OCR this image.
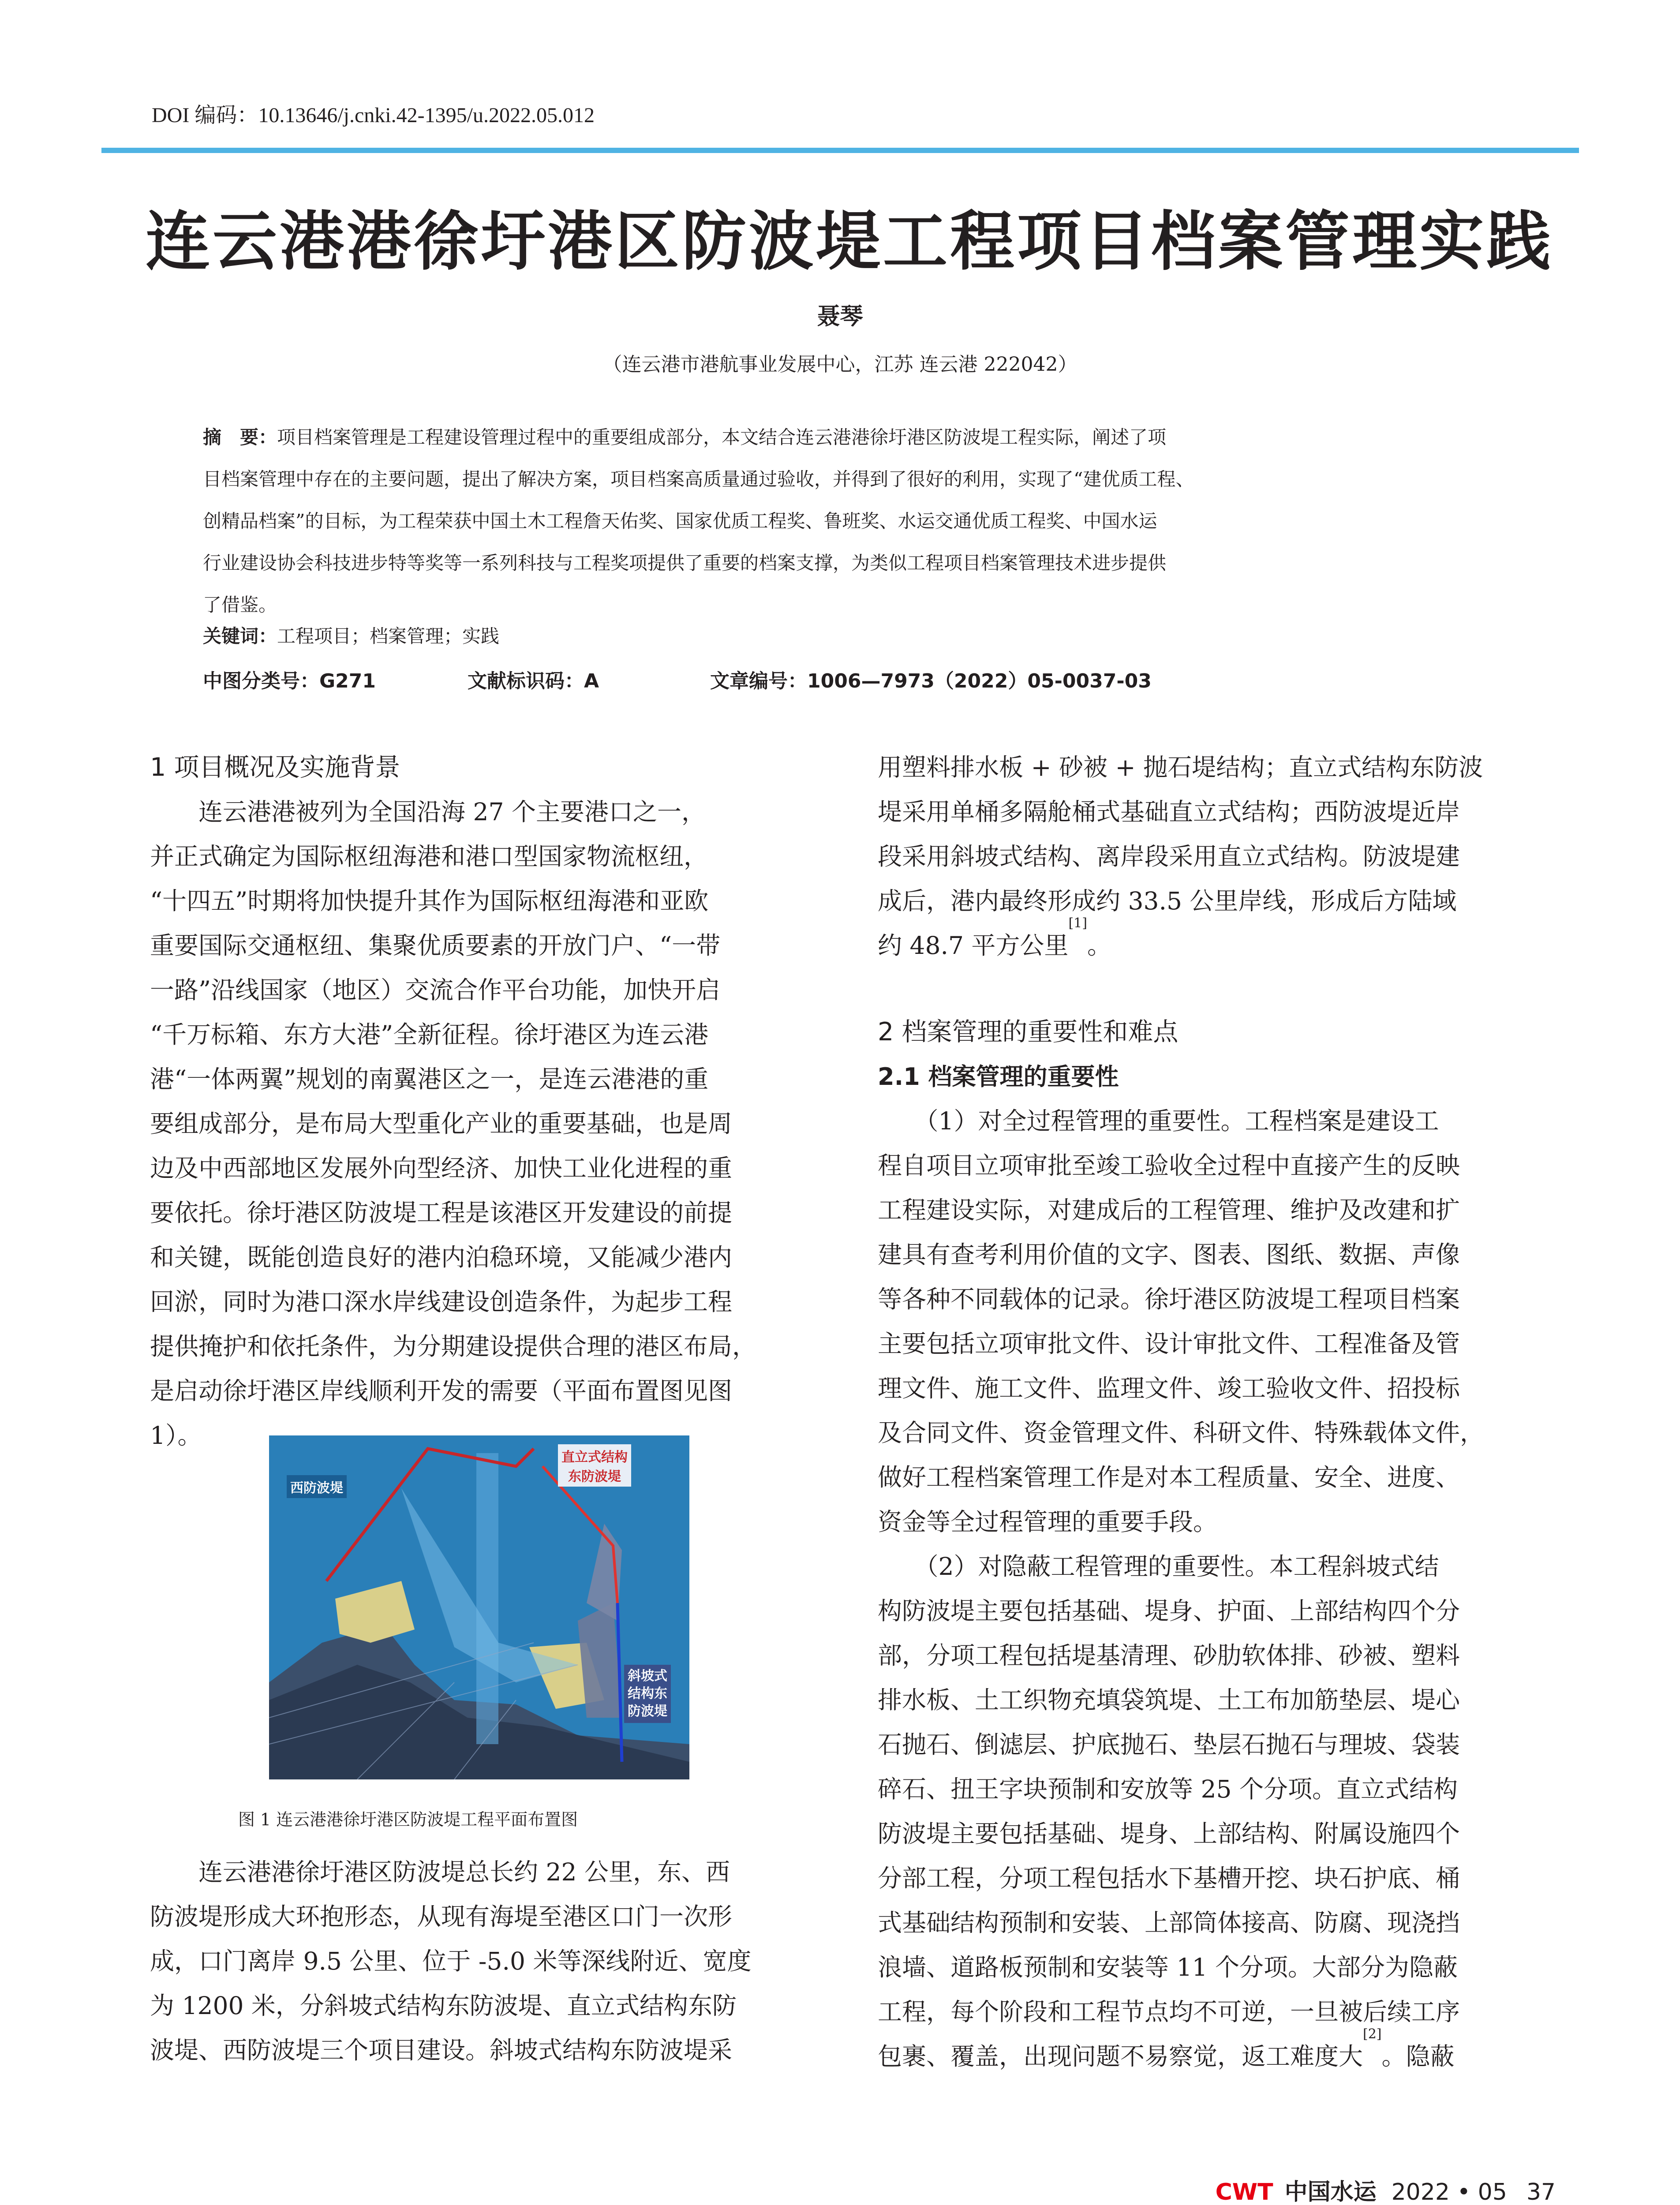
DOI 编码：10.13646/j.cnki.42-1395/u.2022.05.012
连云港港徐圩港区防波堤工程项目档案管理实践
聂琴
（连云港市港航事业发展中心，江苏 连云港 222042）
摘　要：项目档案管理是工程建设管理过程中的重要组成部分，本文结合连云港港徐圩港区防波堤工程实际，阐述了项
目档案管理中存在的主要问题，提出了解决方案，项目档案高质量通过验收，并得到了很好的利用，实现了“建优质工程、
创精品档案”的目标，为工程荣获中国土木工程詹天佑奖、国家优质工程奖、鲁班奖、水运交通优质工程奖、中国水运
行业建设协会科技进步特等奖等一系列科技与工程奖项提供了重要的档案支撑，为类似工程项目档案管理技术进步提供
了借鉴。
关键词：工程项目；档案管理；实践
中图分类号：G271	文献标识码：A	文章编号：1006—7973（2022）05-0037-03
1 项目概况及实施背景
　　连云港港被列为全国沿海 27 个主要港口之一，
并正式确定为国际枢纽海港和港口型国家物流枢纽，
“十四五”时期将加快提升其作为国际枢纽海港和亚欧
重要国际交通枢纽、集聚优质要素的开放门户、“一带
一路”沿线国家（地区）交流合作平台功能，加快开启
“千万标箱、东方大港”全新征程。徐圩港区为连云港
港“一体两翼”规划的南翼港区之一，是连云港港的重
要组成部分，是布局大型重化产业的重要基础，也是周
边及中西部地区发展外向型经济、加快工业化进程的重
要依托。徐圩港区防波堤工程是该港区开发建设的前提
和关键，既能创造良好的港内泊稳环境，又能减少港内
回淤，同时为港口深水岸线建设创造条件，为起步工程
提供掩护和依托条件，为分期建设提供合理的港区布局，
是启动徐圩港区岸线顺利开发的需要（平面布置图见图
1）。
西防波堤
直立式结构
东防波堤
斜坡式
结构东
防波堤
图 1 连云港港徐圩港区防波堤工程平面布置图
　　连云港港徐圩港区防波堤总长约 22 公里，东、西
防波堤形成大环抱形态，从现有海堤至港区口门一次形
成，口门离岸 9.5 公里、位于 -5.0 米等深线附近、宽度
为 1200 米，分斜坡式结构东防波堤、直立式结构东防
波堤、西防波堤三个项目建设。斜坡式结构东防波堤采
用塑料排水板 + 砂被 + 抛石堤结构；直立式结构东防波
堤采用单桶多隔舱桶式基础直立式结构；西防波堤近岸
段采用斜坡式结构、离岸段采用直立式结构。防波堤建
成后，港内最终形成约 33.5 公里岸线，形成后方陆域
约 48.7 平方公里[1]。
2 档案管理的重要性和难点
2.1 档案管理的重要性
　　（1）对全过程管理的重要性。工程档案是建设工
程自项目立项审批至竣工验收全过程中直接产生的反映
工程建设实际，对建成后的工程管理、维护及改建和扩
建具有查考利用价值的文字、图表、图纸、数据、声像
等各种不同载体的记录。徐圩港区防波堤工程项目档案
主要包括立项审批文件、设计审批文件、工程准备及管
理文件、施工文件、监理文件、竣工验收文件、招投标
及合同文件、资金管理文件、科研文件、特殊载体文件，
做好工程档案管理工作是对本工程质量、安全、进度、
资金等全过程管理的重要手段。
　　（2）对隐蔽工程管理的重要性。本工程斜坡式结
构防波堤主要包括基础、堤身、护面、上部结构四个分
部，分项工程包括堤基清理、砂肋软体排、砂被、塑料
排水板、土工织物充填袋筑堤、土工布加筋垫层、堤心
石抛石、倒滤层、护底抛石、垫层石抛石与理坡、袋装
碎石、扭王字块预制和安放等 25 个分项。直立式结构
防波堤主要包括基础、堤身、上部结构、附属设施四个
分部工程，分项工程包括水下基槽开挖、块石护底、桶
式基础结构预制和安装、上部筒体接高、防腐、现浇挡
浪墙、道路板预制和安装等 11 个分项。大部分为隐蔽
工程，每个阶段和工程节点均不可逆，一旦被后续工序
包裹、覆盖，出现问题不易察觉，返工难度大[2]。隐蔽
CWT 中国水运 2022 • 05 37
